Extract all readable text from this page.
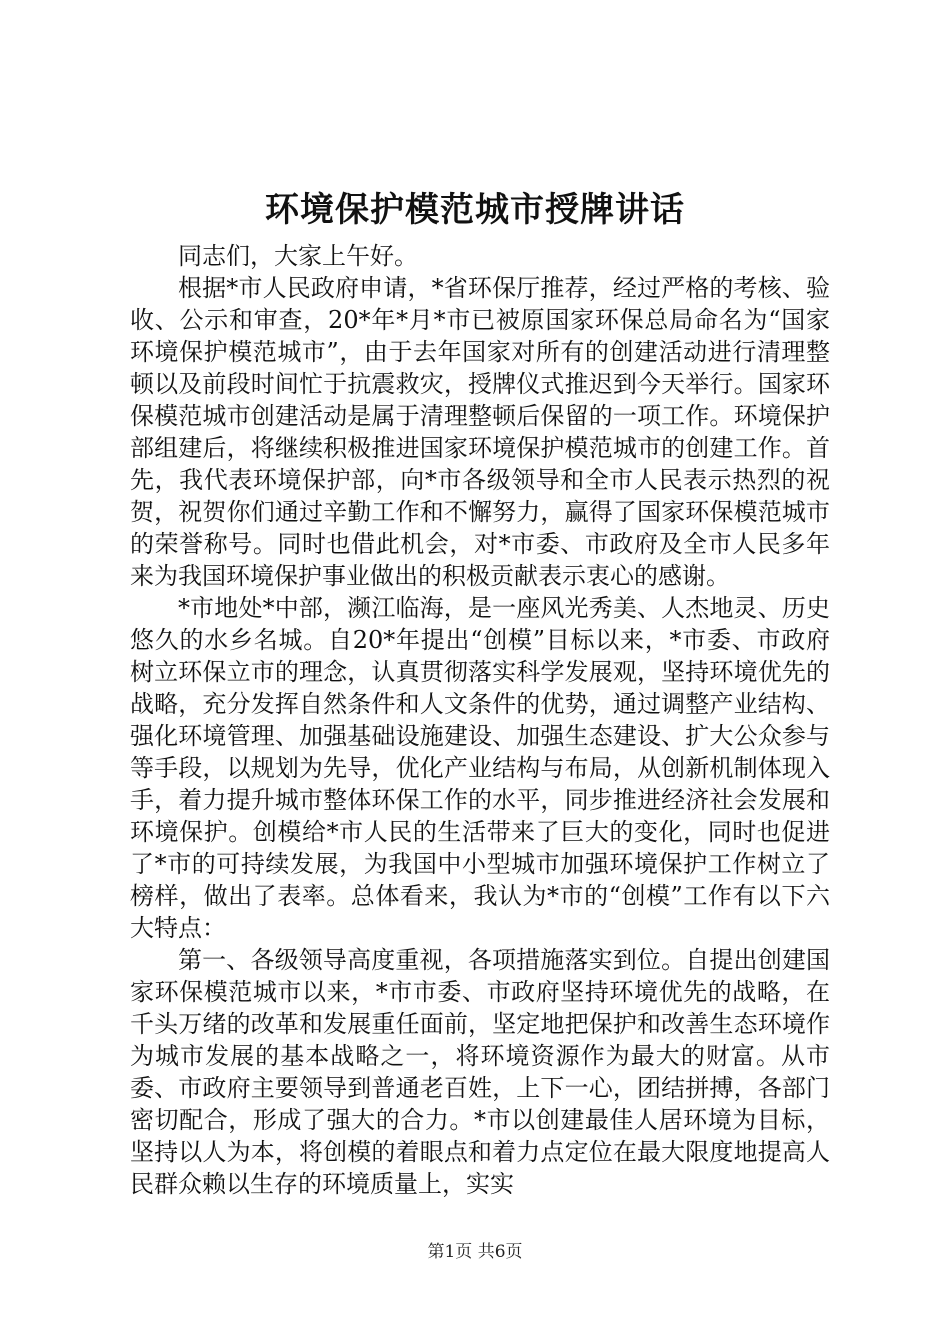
环境保护模范城市授牌讲话

同志们，大家上午好。

根据*市人民政府申请，*省环保厅推荐，经过严格的考核、验收、公示和审查，20*年*月*市已被原国家环保总局命名为“国家环境保护模范城市”，由于去年国家对所有的创建活动进行清理整顿以及前段时间忙于抗震救灾，授牌仪式推迟到今天举行。国家环保模范城市创建活动是属于清理整顿后保留的一项工作。环境保护部组建后，将继续积极推进国家环境保护模范城市的创建工作。首先，我代表环境保护部，向*市各级领导和全市人民表示热烈的祝贺，祝贺你们通过辛勤工作和不懈努力，赢得了国家环保模范城市的荣誉称号。同时也借此机会，对*市委、市政府及全市人民多年来为我国环境保护事业做出的积极贡献表示衷心的感谢。

*市地处*中部，濒江临海，是一座风光秀美、人杰地灵、历史悠久的水乡名城。自20*年提出“创模”目标以来，*市委、市政府树立环保立市的理念，认真贯彻落实科学发展观，坚持环境优先的战略，充分发挥自然条件和人文条件的优势，通过调整产业结构、强化环境管理、加强基础设施建设、加强生态建设、扩大公众参与等手段，以规划为先导，优化产业结构与布局，从创新机制体现入手，着力提升城市整体环保工作的水平，同步推进经济社会发展和环境保护。创模给*市人民的生活带来了巨大的变化，同时也促进了*市的可持续发展，为我国中小型城市加强环境保护工作树立了榜样，做出了表率。总体看来，我认为*市的“创模”工作有以下六大特点：

第一、各级领导高度重视，各项措施落实到位。自提出创建国家环保模范城市以来，*市市委、市政府坚持环境优先的战略，在千头万绪的改革和发展重任面前，坚定地把保护和改善生态环境作为城市发展的基本战略之一，将环境资源作为最大的财富。从市委、市政府主要领导到普通老百姓，上下一心，团结拼搏，各部门密切配合，形成了强大的合力。*市以创建最佳人居环境为目标，坚持以人为本，将创模的着眼点和着力点定位在最大限度地提高人民群众赖以生存的环境质量上，实实

第1页 共6页
